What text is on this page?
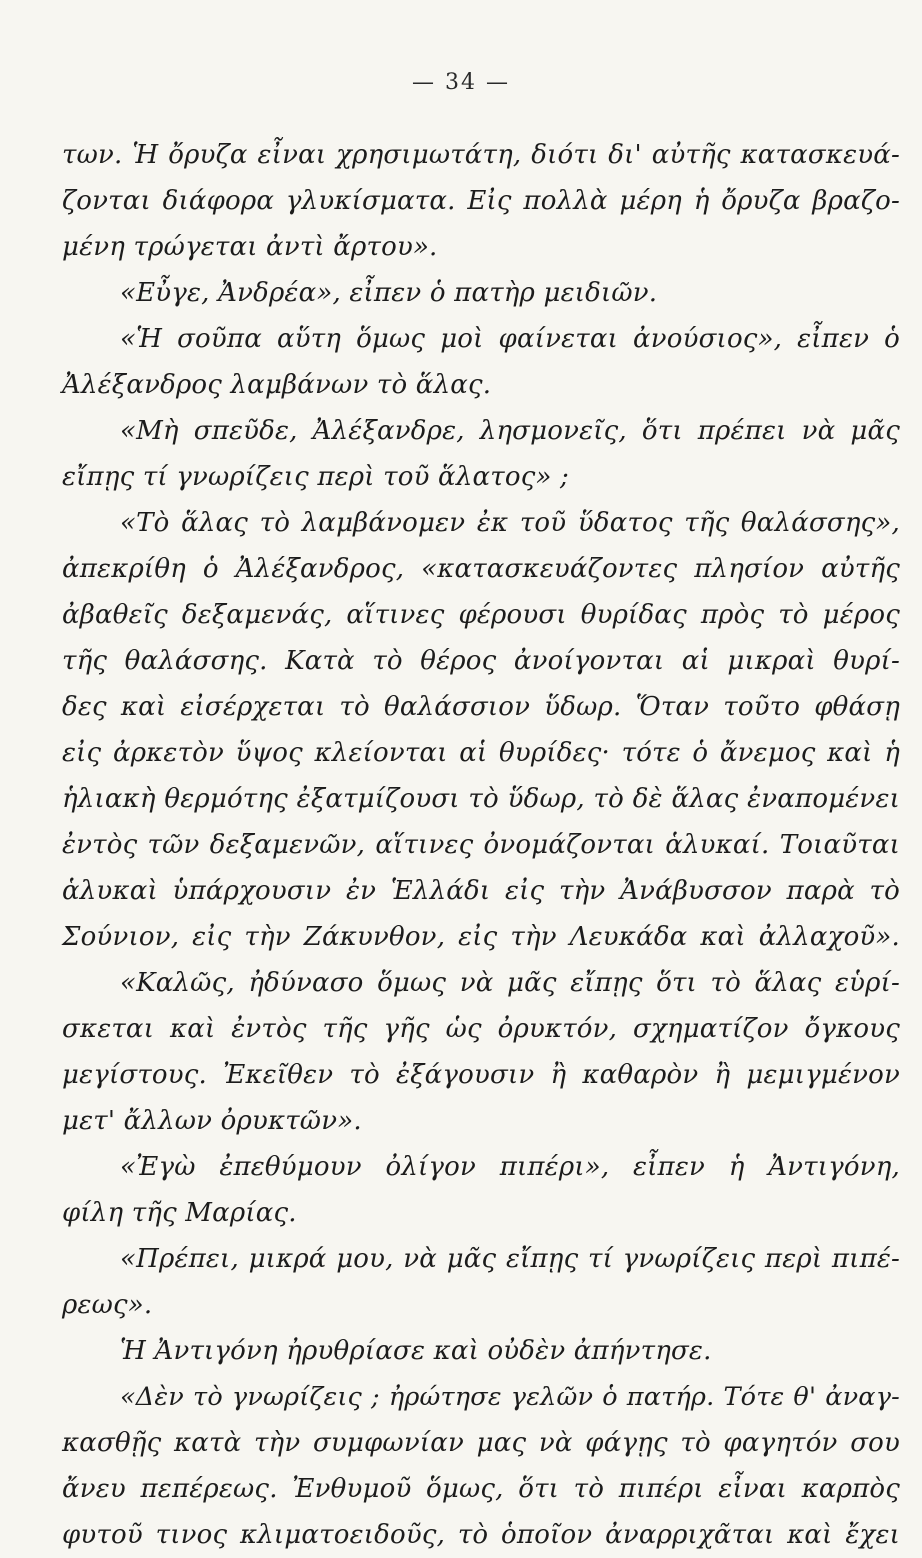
— 34 —
των. Ἡ ὄρυζα εἶναι χρησιμωτάτη, διότι δι' αὐτῆς κατασκευά-
ζονται διάφορα γλυκίσματα. Εἰς πολλὰ μέρη ἡ ὄρυζα βραζο-
μένη τρώγεται ἀντὶ ἄρτου».
«Εὖγε, Ἀνδρέα», εἶπεν ὁ πατὴρ μειδιῶν.
«Ἡ σοῦπα αὕτη ὅμως μοὶ φαίνεται ἀνούσιος», εἶπεν ὁ
Ἀλέξανδρος λαμβάνων τὸ ἅλας.
«Μὴ σπεῦδε, Ἀλέξανδρε, λησμονεῖς, ὅτι πρέπει νὰ μᾶς
εἴπῃς τί γνωρίζεις περὶ τοῦ ἅλατος» ;
«Τὸ ἅλας τὸ λαμβάνομεν ἐκ τοῦ ὕδατος τῆς θαλάσσης»,
ἀπεκρίθη ὁ Ἀλέξανδρος, «κατασκευάζοντες πλησίον αὐτῆς
ἀβαθεῖς δεξαμενάς, αἵτινες φέρουσι θυρίδας πρὸς τὸ μέρος
τῆς θαλάσσης. Κατὰ τὸ θέρος ἀνοίγονται αἱ μικραὶ θυρί-
δες καὶ εἰσέρχεται τὸ θαλάσσιον ὕδωρ. Ὅταν τοῦτο φθάσῃ
εἰς ἀρκετὸν ὕψος κλείονται αἱ θυρίδες· τότε ὁ ἄνεμος καὶ ἡ
ἡλιακὴ θερμότης ἐξατμίζουσι τὸ ὕδωρ, τὸ δὲ ἅλας ἐναπομένει
ἐντὸς τῶν δεξαμενῶν, αἵτινες ὀνομάζονται ἁλυκαί. Τοιαῦται
ἁλυκαὶ ὑπάρχουσιν ἐν Ἑλλάδι εἰς τὴν Ἀνάβυσσον παρὰ τὸ
Σούνιον, εἰς τὴν Ζάκυνθον, εἰς τὴν Λευκάδα καὶ ἀλλαχοῦ».
«Καλῶς, ἠδύνασο ὅμως νὰ μᾶς εἴπῃς ὅτι τὸ ἅλας εὑρί-
σκεται καὶ ἐντὸς τῆς γῆς ὡς ὀρυκτόν, σχηματίζον ὄγκους
μεγίστους. Ἐκεῖθεν τὸ ἐξάγουσιν ἢ καθαρὸν ἢ μεμιγμένον
μετ' ἄλλων ὀρυκτῶν».
«Ἐγὼ ἐπεθύμουν ὀλίγον πιπέρι», εἶπεν ἡ Ἀντιγόνη,
φίλη τῆς Μαρίας.
«Πρέπει, μικρά μου, νὰ μᾶς εἴπῃς τί γνωρίζεις περὶ πιπέ-
ρεως».
Ἡ Ἀντιγόνη ἠρυθρίασε καὶ οὐδὲν ἀπήντησε.
«Δὲν τὸ γνωρίζεις ; ἠρώτησε γελῶν ὁ πατήρ. Τότε θ' ἀναγ-
κασθῇς κατὰ τὴν συμφωνίαν μας νὰ φάγῃς τὸ φαγητόν σου
ἄνευ πεπέρεως. Ἐνθυμοῦ ὅμως, ὅτι τὸ πιπέρι εἶναι καρπὸς
φυτοῦ τινος κλιματοειδοῦς, τὸ ὁποῖον ἀναρριχᾶται καὶ ἔχει
